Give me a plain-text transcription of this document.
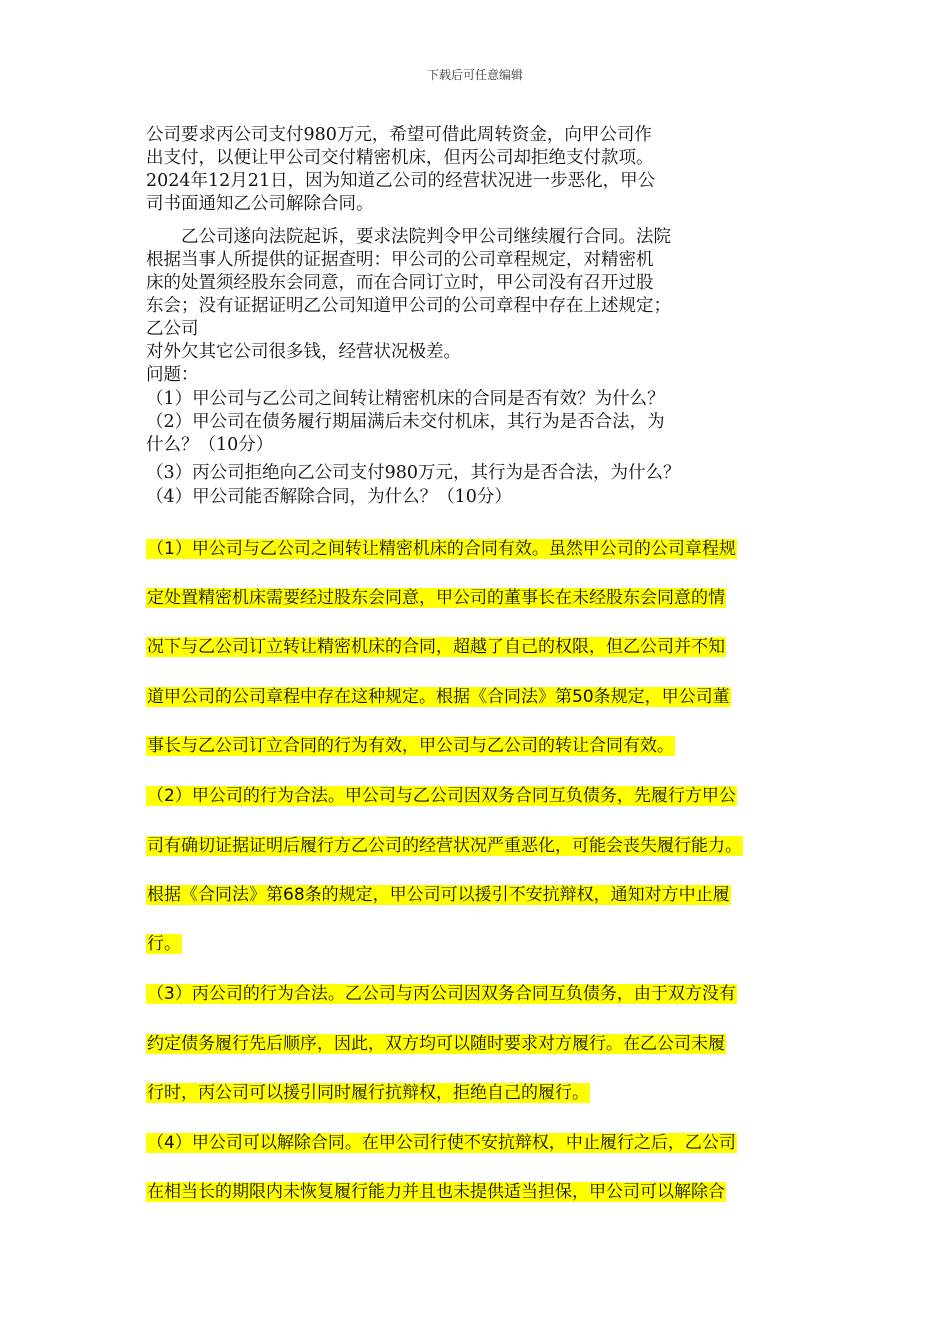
下载后可任意编辑
公司要求丙公司支付980万元，希望可借此周转资金，向甲公司作
出支付，以便让甲公司交付精密机床，但丙公司却拒绝支付款项。
2024年12月21日，因为知道乙公司的经营状况进一步恶化，甲公
司书面通知乙公司解除合同。
　　乙公司遂向法院起诉，要求法院判令甲公司继续履行合同。法院
根据当事人所提供的证据查明：甲公司的公司章程规定，对精密机
床的处置须经股东会同意，而在合同订立时，甲公司没有召开过股
东会；没有证据证明乙公司知道甲公司的公司章程中存在上述规定；
乙公司
对外欠其它公司很多钱，经营状况极差。
问题：
（1）甲公司与乙公司之间转让精密机床的合同是否有效？为什么？
（2）甲公司在债务履行期届满后未交付机床，其行为是否合法，为
什么？（10分）
（3）丙公司拒绝向乙公司支付980万元，其行为是否合法，为什么？
（4）甲公司能否解除合同，为什么？（10分）
（1）甲公司与乙公司之间转让精密机床的合同有效。虽然甲公司的公司章程规
定处置精密机床需要经过股东会同意，甲公司的董事长在未经股东会同意的情
况下与乙公司订立转让精密机床的合同，超越了自己的权限，但乙公司并不知
道甲公司的公司章程中存在这种规定。根据《合同法》第50条规定，甲公司董
事长与乙公司订立合同的行为有效，甲公司与乙公司的转让合同有效。
（2）甲公司的行为合法。甲公司与乙公司因双务合同互负债务，先履行方甲公
司有确切证据证明后履行方乙公司的经营状况严重恶化，可能会丧失履行能力。
根据《合同法》第68条的规定，甲公司可以援引不安抗辩权，通知对方中止履
行。
（3）丙公司的行为合法。乙公司与丙公司因双务合同互负债务，由于双方没有
约定债务履行先后顺序，因此，双方均可以随时要求对方履行。在乙公司未履
行时，丙公司可以援引同时履行抗辩权，拒绝自己的履行。
（4）甲公司可以解除合同。在甲公司行使不安抗辩权，中止履行之后，乙公司
在相当长的期限内未恢复履行能力并且也未提供适当担保，甲公司可以解除合
